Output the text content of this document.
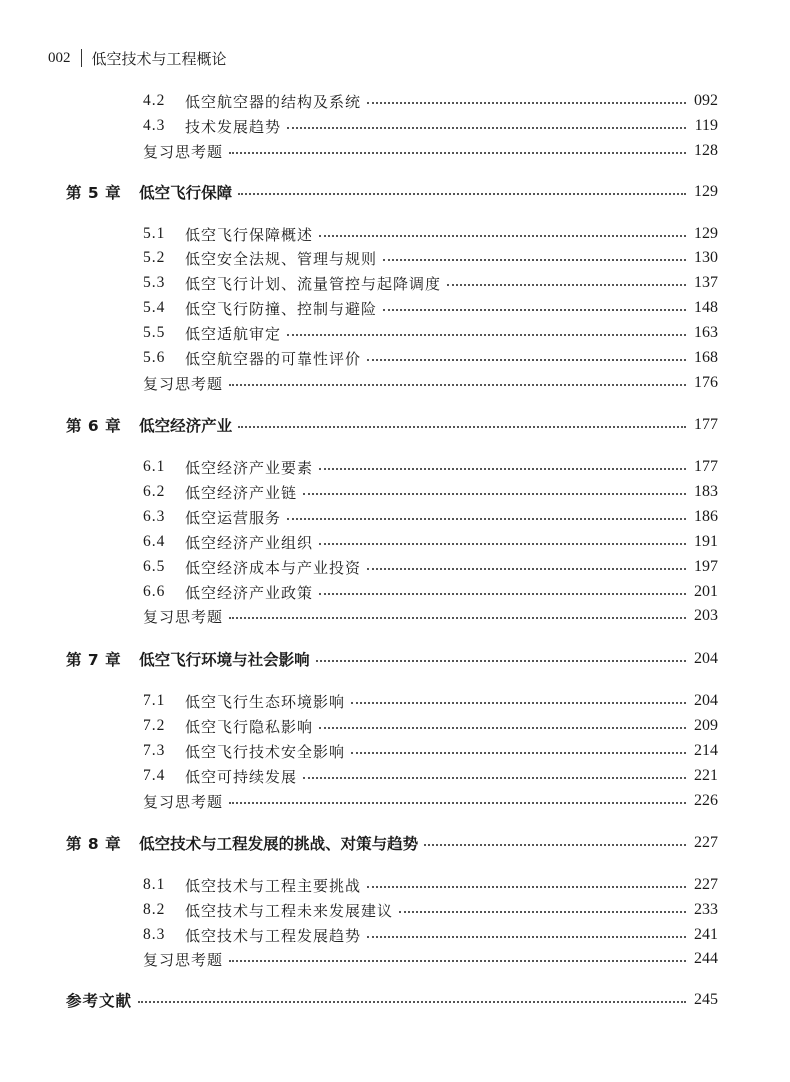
002 低空技术与工程概论
4.2	低空航空器的结构及系统	092
4.3	技术发展趋势	119
复习思考题	128
第 5 章 低空飞行保障	129
5.1	低空飞行保障概述	129
5.2	低空安全法规、管理与规则	130
5.3	低空飞行计划、流量管控与起降调度	137
5.4	低空飞行防撞、控制与避险	148
5.5	低空适航审定	163
5.6	低空航空器的可靠性评价	168
复习思考题	176
第 6 章 低空经济产业	177
6.1	低空经济产业要素	177
6.2	低空经济产业链	183
6.3	低空运营服务	186
6.4	低空经济产业组织	191
6.5	低空经济成本与产业投资	197
6.6	低空经济产业政策	201
复习思考题	203
第 7 章 低空飞行环境与社会影响	204
7.1	低空飞行生态环境影响	204
7.2	低空飞行隐私影响	209
7.3	低空飞行技术安全影响	214
7.4	低空可持续发展	221
复习思考题	226
第 8 章 低空技术与工程发展的挑战、对策与趋势	227
8.1	低空技术与工程主要挑战	227
8.2	低空技术与工程未来发展建议	233
8.3	低空技术与工程发展趋势	241
复习思考题	244
参考文献	245
